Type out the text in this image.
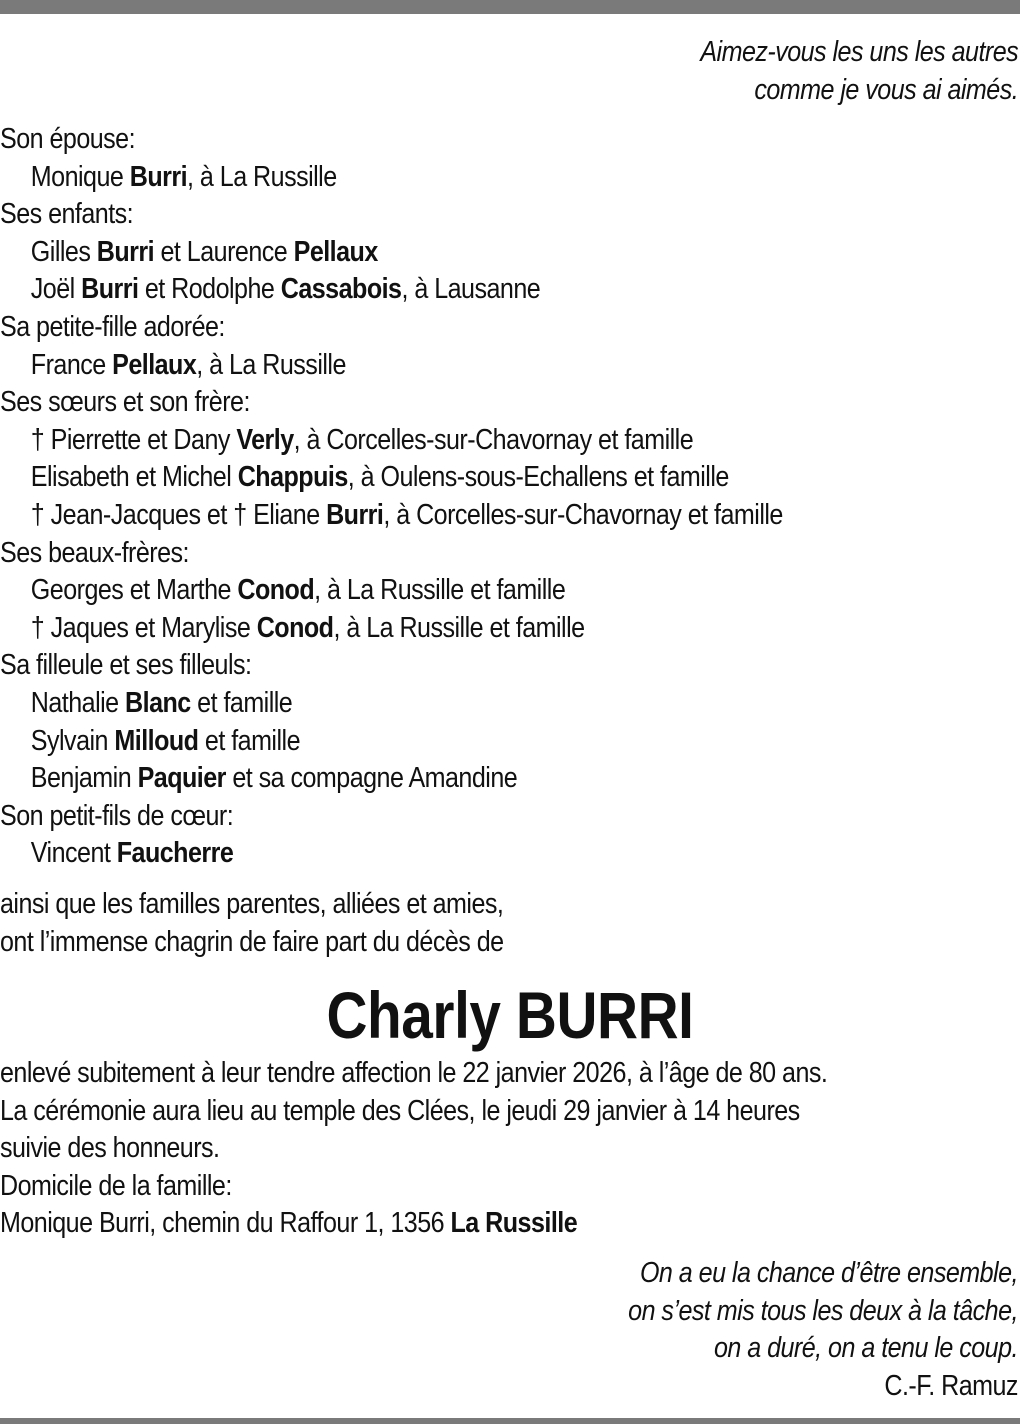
Aimez-vous les uns les autres
comme je vous ai aimés.
Son épouse:
Monique Burri, à La Russille
Ses enfants:
Gilles Burri et Laurence Pellaux
Joël Burri et Rodolphe Cassabois, à Lausanne
Sa petite-fille adorée:
France Pellaux, à La Russille
Ses sœurs et son frère:
† Pierrette et Dany Verly, à Corcelles-sur-Chavornay et famille
Elisabeth et Michel Chappuis, à Oulens-sous-Echallens et famille
† Jean-Jacques et † Eliane Burri, à Corcelles-sur-Chavornay et famille
Ses beaux-frères:
Georges et Marthe Conod, à La Russille et famille
† Jaques et Marylise Conod, à La Russille et famille
Sa filleule et ses filleuls:
Nathalie Blanc et famille
Sylvain Milloud et famille
Benjamin Paquier et sa compagne Amandine
Son petit-fils de cœur:
Vincent Faucherre
ainsi que les familles parentes, alliées et amies,
ont l’immense chagrin de faire part du décès de
Charly BURRI
enlevé subitement à leur tendre affection le 22 janvier 2026, à l’âge de 80 ans.
La cérémonie aura lieu au temple des Clées, le jeudi 29 janvier à 14 heures
suivie des honneurs.
Domicile de la famille:
Monique Burri, chemin du Raffour 1, 1356 La Russille
On a eu la chance d’être ensemble,
on s’est mis tous les deux à la tâche,
on a duré, on a tenu le coup.
C.-F. Ramuz
